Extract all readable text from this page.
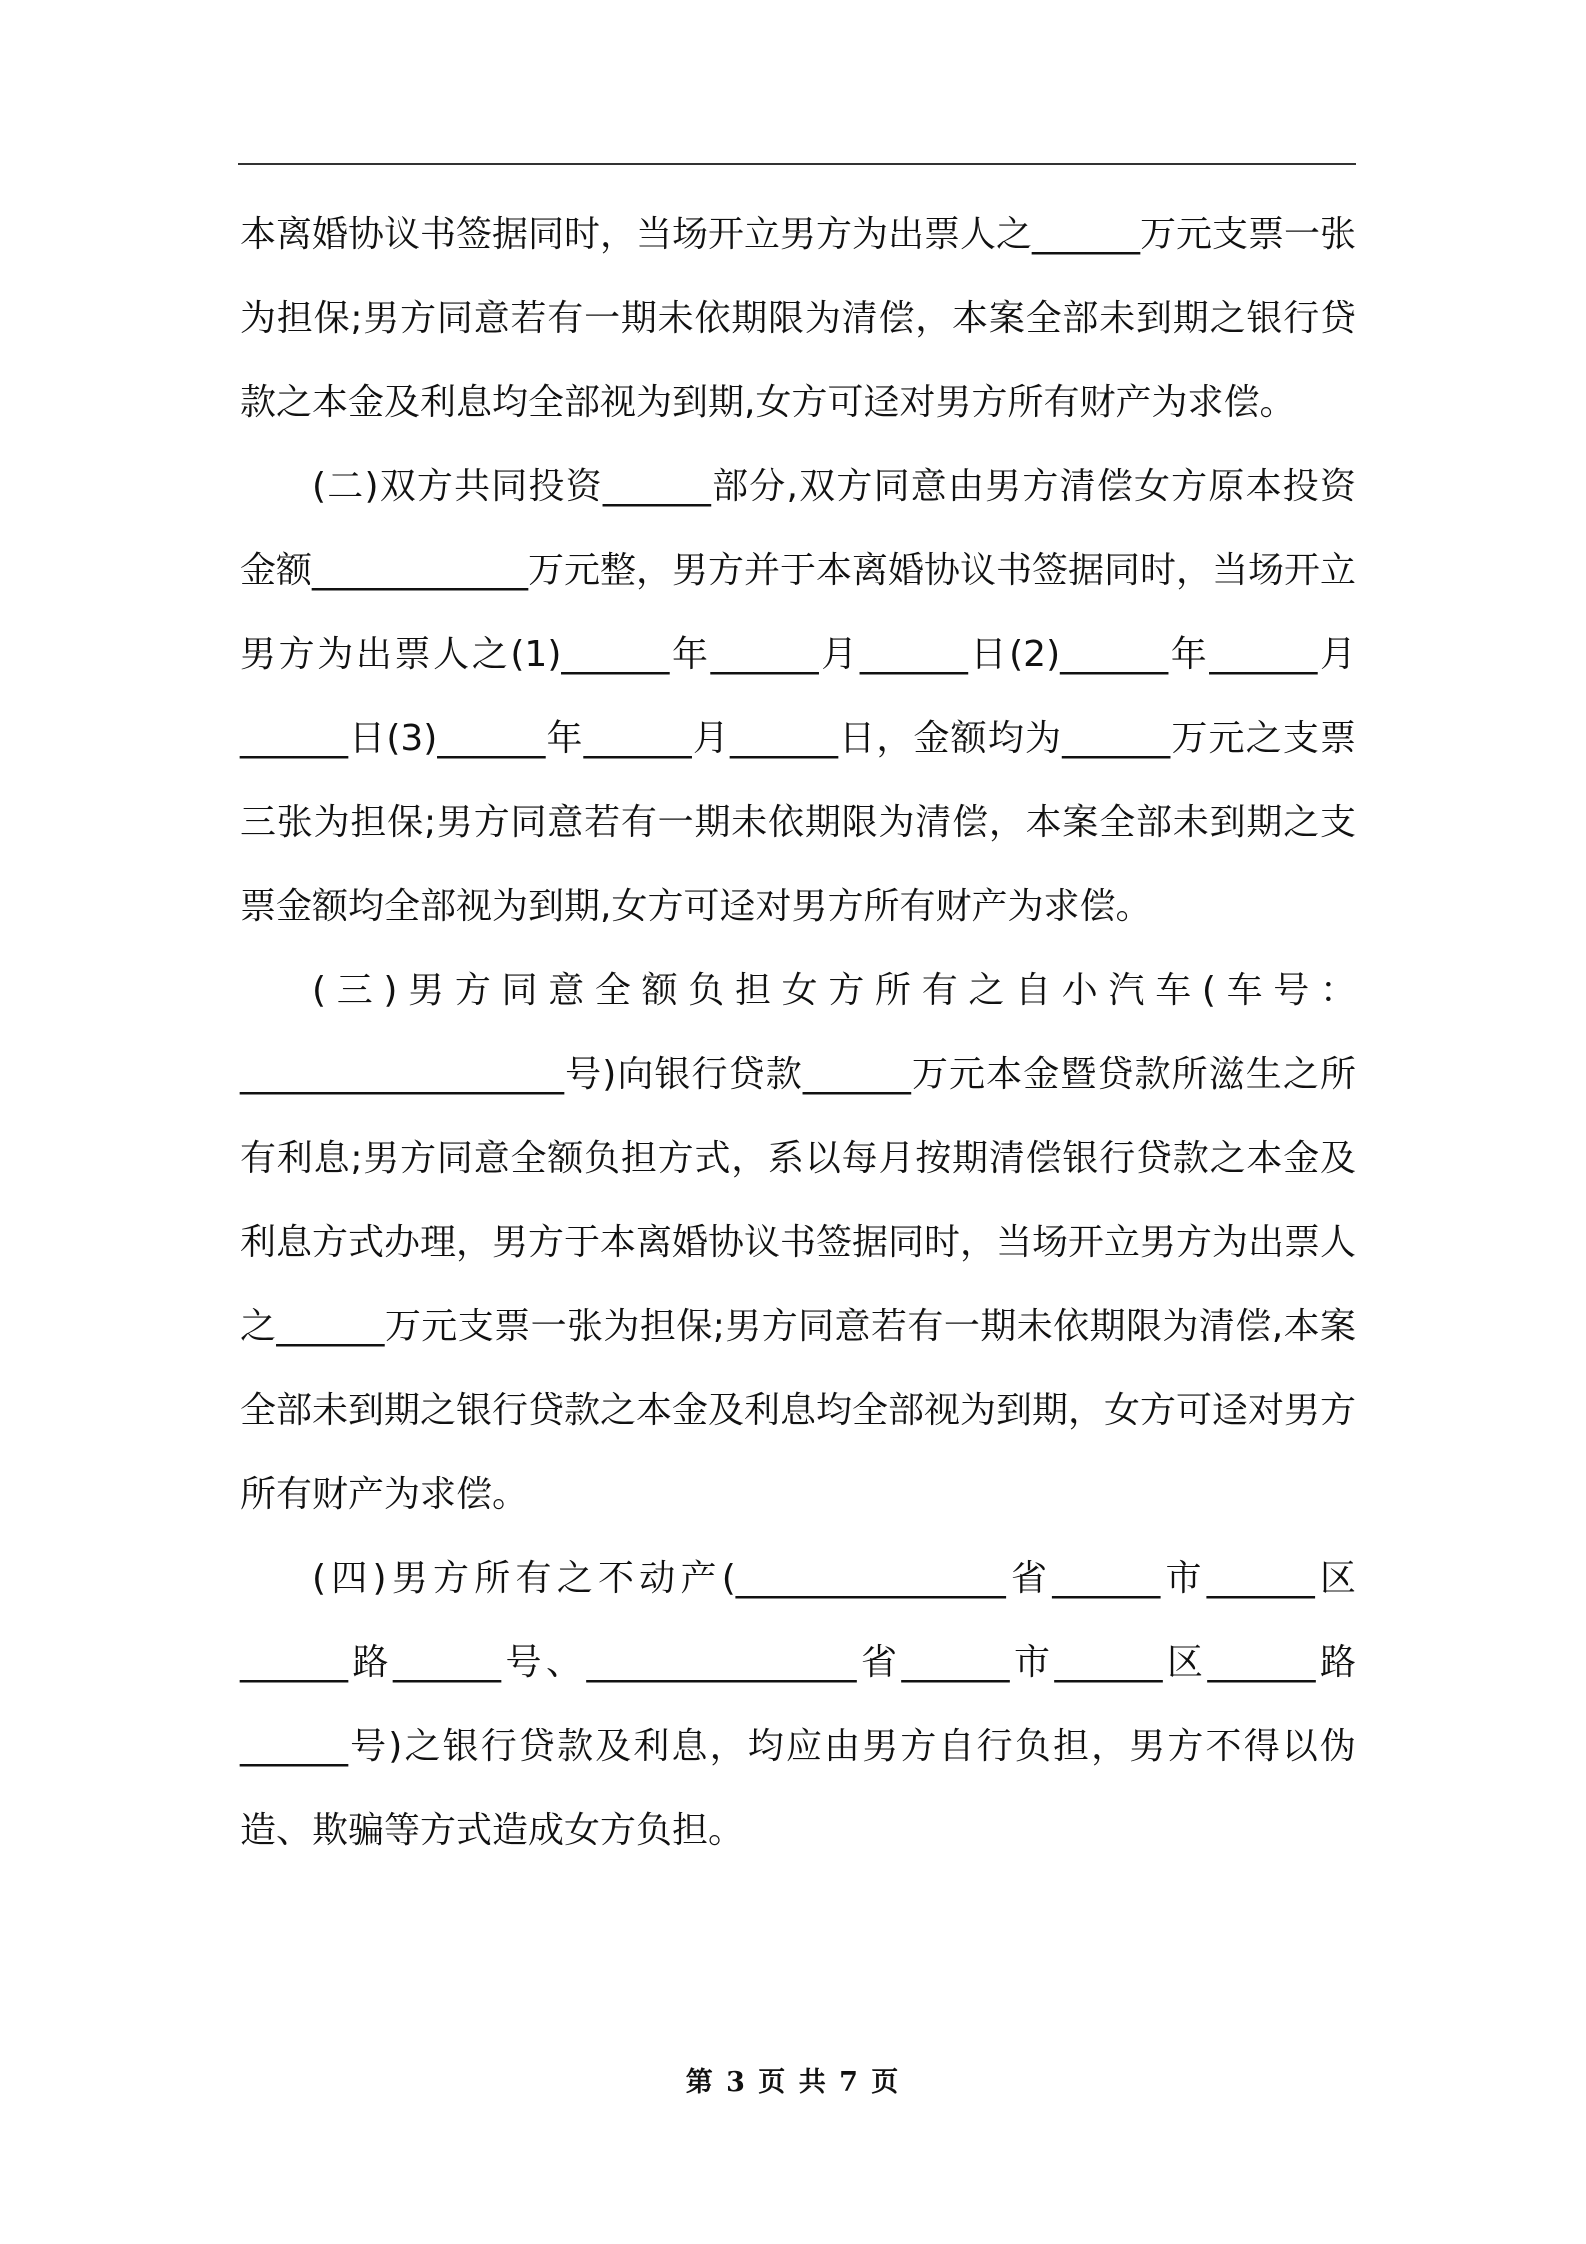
本离婚协议书签据同时，当场开立男方为出票人之______万元支票一张为担保;男方同意若有一期未依期限为清偿，本案全部未到期之银行贷款之本金及利息均全部视为到期,女方可迳对男方所有财产为求偿。

(二)双方共同投资______部分,双方同意由男方清偿女方原本投资金额____________万元整，男方并于本离婚协议书签据同时，当场开立男方为出票人之(1)______年______月______日(2)______年______月______日(3)______年______月______日，金额均为______万元之支票三张为担保;男方同意若有一期未依期限为清偿，本案全部未到期之支票金额均全部视为到期,女方可迳对男方所有财产为求偿。

(三)男方同意全额负担女方所有之自小汽车(车号：__________________号)向银行贷款______万元本金暨贷款所滋生之所有利息;男方同意全额负担方式，系以每月按期清偿银行贷款之本金及利息方式办理，男方于本离婚协议书签据同时，当场开立男方为出票人之______万元支票一张为担保;男方同意若有一期未依期限为清偿,本案全部未到期之银行贷款之本金及利息均全部视为到期，女方可迳对男方所有财产为求偿。

(四)男方所有之不动产(_______________省______市______区______路______号、_______________省______市______区______路______号)之银行贷款及利息，均应由男方自行负担，男方不得以伪造、欺骗等方式造成女方负担。

第 3 页 共 7 页
